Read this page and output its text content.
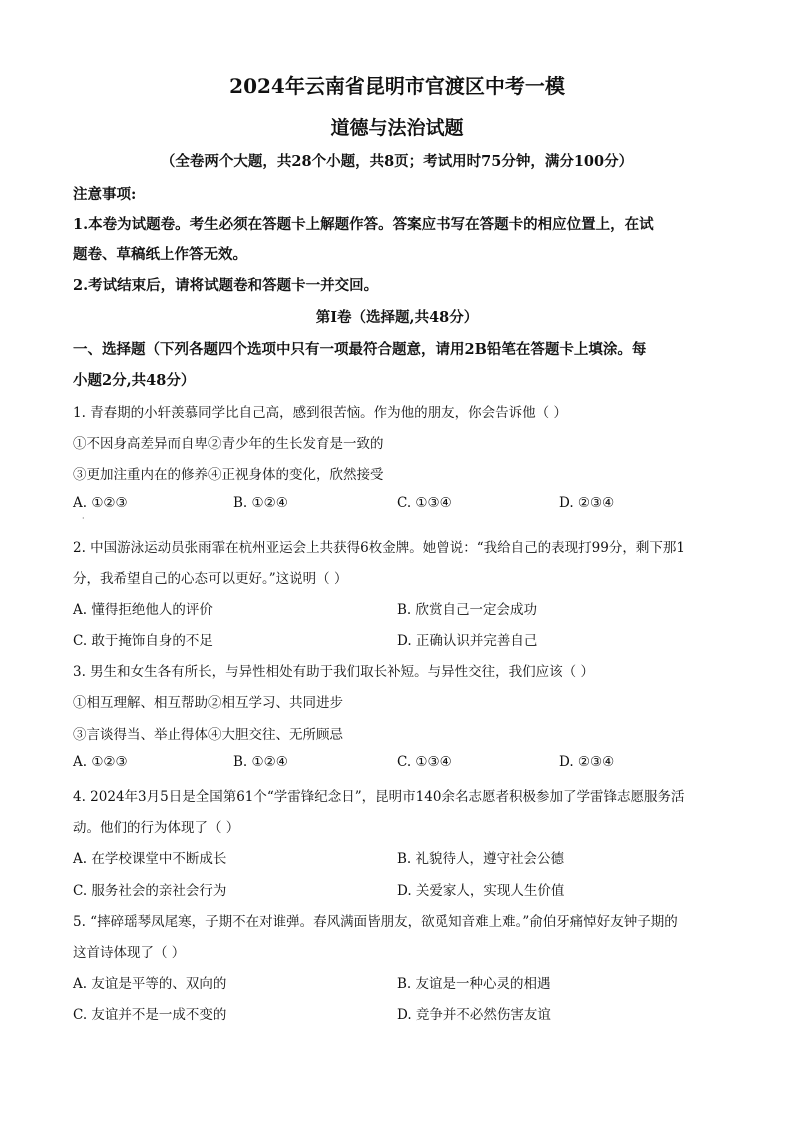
2024年云南省昆明市官渡区中考一模
道德与法治试题
（全卷两个大题，共28个小题，共8页；考试用时75分钟，满分100分）
注意事项:
1.本卷为试题卷。考生必须在答题卡上解题作答。答案应书写在答题卡的相应位置上，在试
题卷、草稿纸上作答无效。
2.考试结束后，请将试题卷和答题卡一并交回。
第Ⅰ卷（选择题,共48分）
一、选择题（下列各题四个选项中只有一项最符合题意，请用2B铅笔在答题卡上填涂。每
小题2分,共48分）
1. 青春期的小轩羡慕同学比自己高，感到很苦恼。作为他的朋友，你会告诉他（ ）
①不因身高差异而自卑②青少年的生长发育是一致的
③更加注重内在的修养④正视身体的变化，欣然接受
A. ①②③	B. ①②④	C. ①③④	D. ②③④
·
2. 中国游泳运动员张雨霏在杭州亚运会上共获得6枚金牌。她曾说：“我给自己的表现打99分，剩下那1
分，我希望自己的心态可以更好。”这说明（ ）
A. 懂得拒绝他人的评价	B. 欣赏自己一定会成功
C. 敢于掩饰自身的不足	D. 正确认识并完善自己
3. 男生和女生各有所长，与异性相处有助于我们取长补短。与异性交往，我们应该（ ）
①相互理解、相互帮助②相互学习、共同进步
③言谈得当、举止得体④大胆交往、无所顾忌
A. ①②③	B. ①②④	C. ①③④	D. ②③④
4. 2024年3月5日是全国第61个“学雷锋纪念日”，昆明市140余名志愿者积极参加了学雷锋志愿服务活
动。他们的行为体现了（ ）
A. 在学校课堂中不断成长	B. 礼貌待人，遵守社会公德
C. 服务社会的亲社会行为	D. 关爱家人，实现人生价值
5. “摔碎瑶琴凤尾寒，子期不在对谁弹。春风满面皆朋友，欲觅知音难上难。”俞伯牙痛悼好友钟子期的
这首诗体现了（ ）
A. 友谊是平等的、双向的	B. 友谊是一种心灵的相遇
C. 友谊并不是一成不变的	D. 竞争并不必然伤害友谊
